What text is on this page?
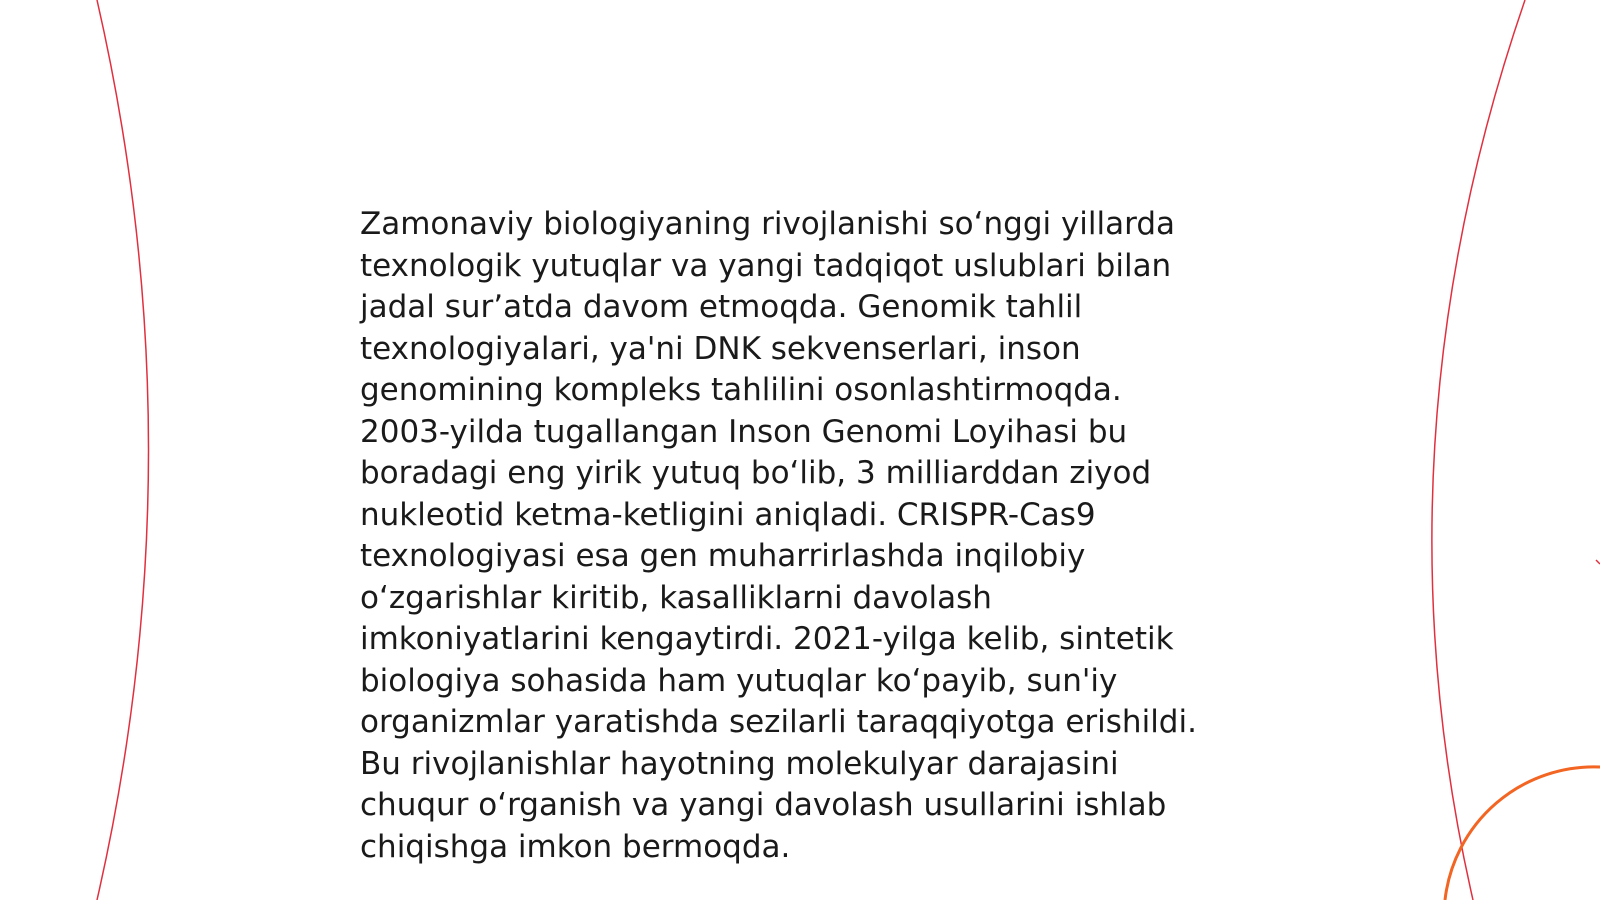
Zamonaviy biologiyaning rivojlanishi so‘nggi yillarda
texnologik yutuqlar va yangi tadqiqot uslublari bilan
jadal sur’atda davom etmoqda. Genomik tahlil
texnologiyalari, ya'ni DNK sekvenserlari, inson
genomining kompleks tahlilini osonlashtirmoqda.
2003-yilda tugallangan Inson Genomi Loyihasi bu
boradagi eng yirik yutuq bo‘lib, 3 milliarddan ziyod
nukleotid ketma-ketligini aniqladi. CRISPR-Cas9
texnologiyasi esa gen muharrirlashda inqilobiy
o‘zgarishlar kiritib, kasalliklarni davolash
imkoniyatlarini kengaytirdi. 2021-yilga kelib, sintetik
biologiya sohasida ham yutuqlar ko‘payib, sun'iy
organizmlar yaratishda sezilarli taraqqiyotga erishildi.
Bu rivojlanishlar hayotning molekulyar darajasini
chuqur o‘rganish va yangi davolash usullarini ishlab
chiqishga imkon bermoqda.
